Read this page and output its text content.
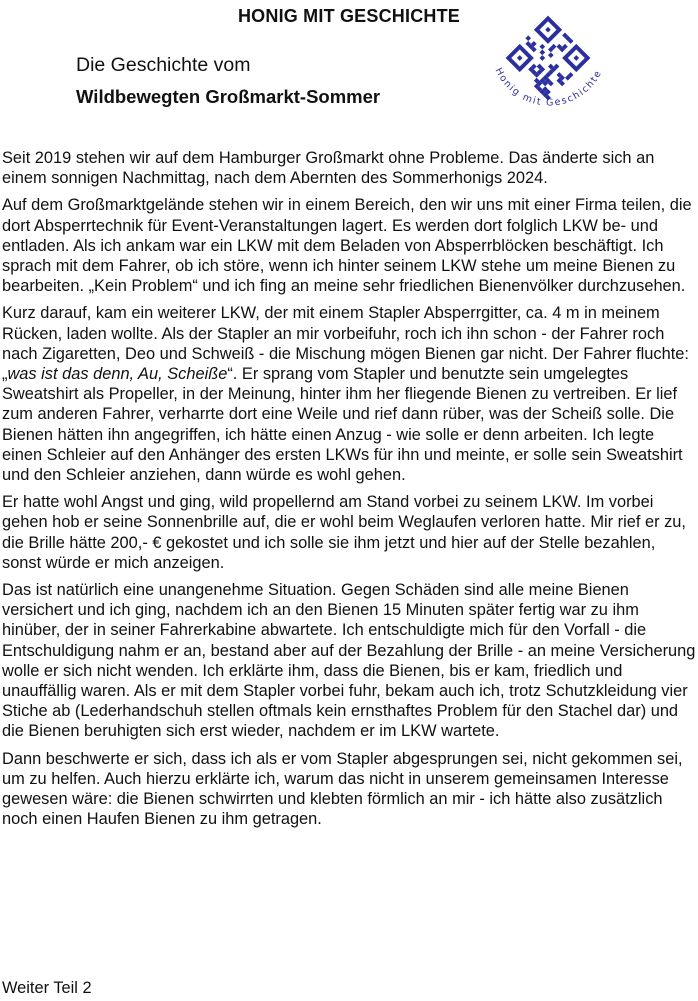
HONIG MIT GESCHICHTE
Die Geschichte vom
Wildbewegten Großmarkt-Sommer
Honig mit Geschichte

Seit 2019 stehen wir auf dem Hamburger Großmarkt ohne Probleme. Das änderte sich an einem sonnigen Nachmittag, nach dem Abernten des Sommerhonigs 2024.

Auf dem Großmarktgelände stehen wir in einem Bereich, den wir uns mit einer Firma teilen, die dort Absperrtechnik für Event-Veranstaltungen lagert. Es werden dort folglich LKW be- und entladen. Als ich ankam war ein LKW mit dem Beladen von Absperrblöcken beschäftigt. Ich sprach mit dem Fahrer, ob ich störe, wenn ich hinter seinem LKW stehe um meine Bienen zu bearbeiten. „Kein Problem“ und ich fing an meine sehr friedlichen Bienenvölker durchzusehen.

Kurz darauf, kam ein weiterer LKW, der mit einem Stapler Absperrgitter, ca. 4 m in meinem Rücken, laden wollte. Als der Stapler an mir vorbeifuhr, roch ich ihn schon - der Fahrer roch nach Zigaretten, Deo und Schweiß - die Mischung mögen Bienen gar nicht. Der Fahrer fluchte: „was ist das denn, Au, Scheiße“. Er sprang vom Stapler und benutzte sein umgelegtes Sweatshirt als Propeller, in der Meinung, hinter ihm her fliegende Bienen zu vertreiben. Er lief zum anderen Fahrer, verharrte dort eine Weile und rief dann rüber, was der Scheiß solle. Die Bienen hätten ihn angegriffen, ich hätte einen Anzug - wie solle er denn arbeiten. Ich legte einen Schleier auf den Anhänger des ersten LKWs für ihn und meinte, er solle sein Sweatshirt und den Schleier anziehen, dann würde es wohl gehen.

Er hatte wohl Angst und ging, wild propellernd am Stand vorbei zu seinem LKW. Im vorbei gehen hob er seine Sonnenbrille auf, die er wohl beim Weglaufen verloren hatte. Mir rief er zu, die Brille hätte 200,- € gekostet und ich solle sie ihm jetzt und hier auf der Stelle bezahlen, sonst würde er mich anzeigen.

Das ist natürlich eine unangenehme Situation. Gegen Schäden sind alle meine Bienen versichert und ich ging, nachdem ich an den Bienen 15 Minuten später fertig war zu ihm hinüber, der in seiner Fahrerkabine abwartete. Ich entschuldigte mich für den Vorfall - die Entschuldigung nahm er an, bestand aber auf der Bezahlung der Brille - an meine Versicherung wolle er sich nicht wenden. Ich erklärte ihm, dass die Bienen, bis er kam, friedlich und unauffällig waren. Als er mit dem Stapler vorbei fuhr, bekam auch ich, trotz Schutzkleidung vier Stiche ab (Lederhandschuh stellen oftmals kein ernsthaftes Problem für den Stachel dar) und die Bienen beruhigten sich erst wieder, nachdem er im LKW wartete.

Dann beschwerte er sich, dass ich als er vom Stapler abgesprungen sei, nicht gekommen sei, um zu helfen. Auch hierzu erklärte ich, warum das nicht in unserem gemeinsamen Interesse gewesen wäre: die Bienen schwirrten und klebten förmlich an mir - ich hätte also zusätzlich noch einen Haufen Bienen zu ihm getragen.

Weiter Teil 2
